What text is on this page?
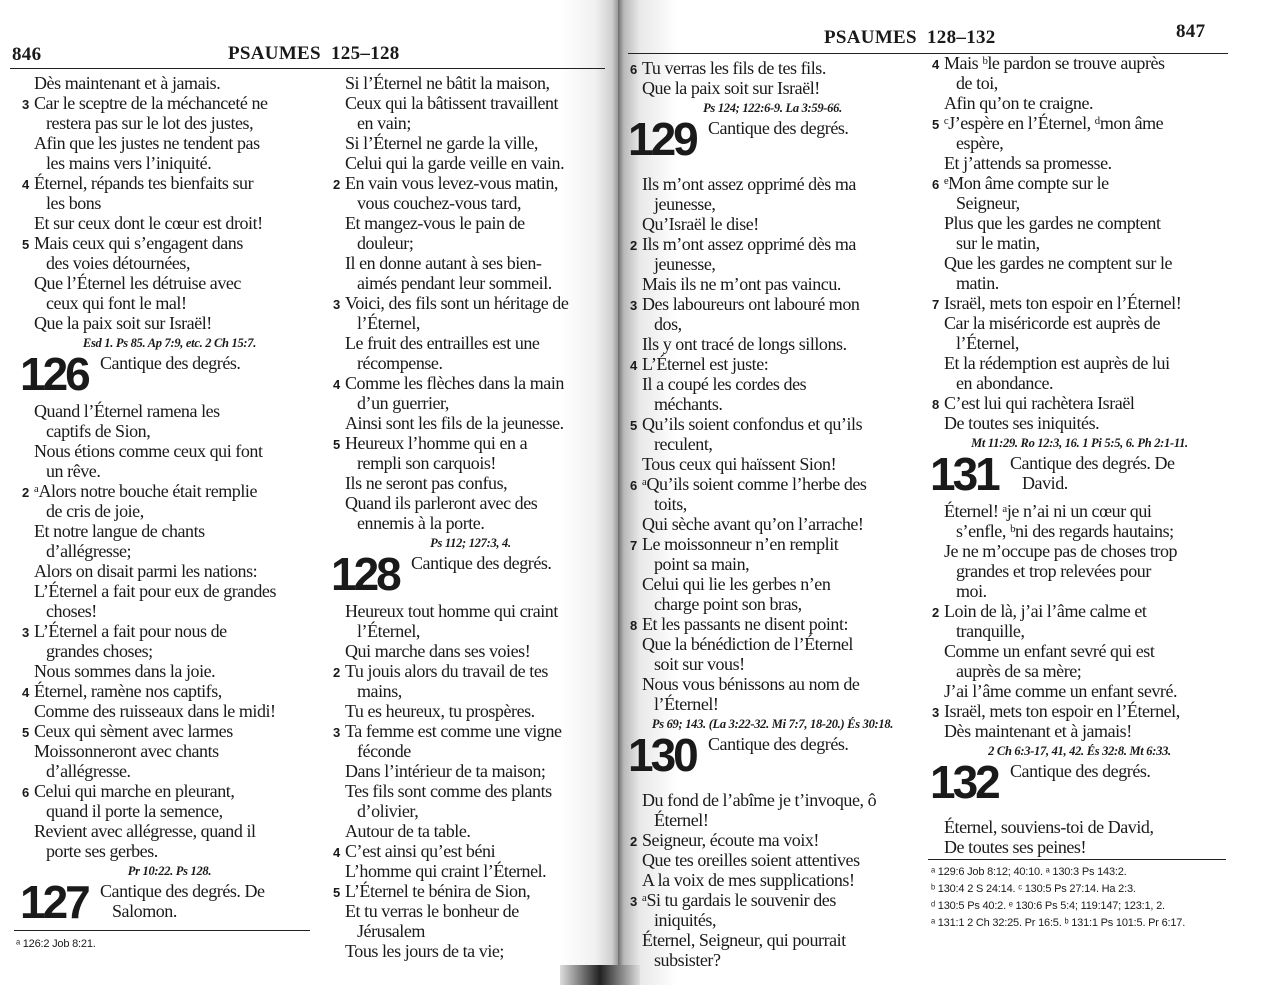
846	PSAUMES  125–128
Dès maintenant et à jamais.
3 Car le sceptre de la méchanceté ne
restera pas sur le lot des justes,
Afin que les justes ne tendent pas
les mains vers l’iniquité.
4 Éternel, répands tes bienfaits sur
les bons
Et sur ceux dont le cœur est droit!
5 Mais ceux qui s’engagent dans
des voies détournées,
Que l’Éternel les détruise avec
ceux qui font le mal!
Que la paix soit sur Israël!
Esd 1. Ps 85. Ap 7:9, etc. 2 Ch 15:7.
126 Cantique des degrés.
Quand l’Éternel ramena les
captifs de Sion,
Nous étions comme ceux qui font
un rêve.
2 ᵃAlors notre bouche était remplie
de cris de joie,
Et notre langue de chants
d’allégresse;
Alors on disait parmi les nations:
L’Éternel a fait pour eux de grandes
choses!
3 L’Éternel a fait pour nous de
grandes choses;
Nous sommes dans la joie.
4 Éternel, ramène nos captifs,
Comme des ruisseaux dans le midi!
5 Ceux qui sèment avec larmes
Moissonneront avec chants
d’allégresse.
6 Celui qui marche en pleurant,
quand il porte la semence,
Revient avec allégresse, quand il
porte ses gerbes.
Pr 10:22. Ps 128.
127 Cantique des degrés. De
Salomon.
Si l’Éternel ne bâtit la maison,
Ceux qui la bâtissent travaillent
en vain;
Si l’Éternel ne garde la ville,
Celui qui la garde veille en vain.
2 En vain vous levez-vous matin,
vous couchez-vous tard,
Et mangez-vous le pain de
douleur;
Il en donne autant à ses bien-
aimés pendant leur sommeil.
3 Voici, des fils sont un héritage de
l’Éternel,
Le fruit des entrailles est une
récompense.
4 Comme les flèches dans la main
d’un guerrier,
Ainsi sont les fils de la jeunesse.
5 Heureux l’homme qui en a
rempli son carquois!
Ils ne seront pas confus,
Quand ils parleront avec des
ennemis à la porte.
Ps 112; 127:3, 4.
128 Cantique des degrés.
Heureux tout homme qui craint
l’Éternel,
Qui marche dans ses voies!
2 Tu jouis alors du travail de tes
mains,
Tu es heureux, tu prospères.
3 Ta femme est comme une vigne
féconde
Dans l’intérieur de ta maison;
Tes fils sont comme des plants
d’olivier,
Autour de ta table.
4 C’est ainsi qu’est béni
L’homme qui craint l’Éternel.
5 L’Éternel te bénira de Sion,
Et tu verras le bonheur de
Jérusalem
Tous les jours de ta vie;
ᵃ 126:2 Job 8:21.
PSAUMES  128–132	847
6 Tu verras les fils de tes fils.
Que la paix soit sur Israël!
Ps 124; 122:6-9. La 3:59-66.
129 Cantique des degrés.
Ils m’ont assez opprimé dès ma
jeunesse,
Qu’Israël le dise!
2 Ils m’ont assez opprimé dès ma
jeunesse,
Mais ils ne m’ont pas vaincu.
3 Des laboureurs ont labouré mon
dos,
Ils y ont tracé de longs sillons.
4 L’Éternel est juste:
Il a coupé les cordes des
méchants.
5 Qu’ils soient confondus et qu’ils
reculent,
Tous ceux qui haïssent Sion!
6 ᵃQu’ils soient comme l’herbe des
toits,
Qui sèche avant qu’on l’arrache!
7 Le moissonneur n’en remplit
point sa main,
Celui qui lie les gerbes n’en
charge point son bras,
8 Et les passants ne disent point:
Que la bénédiction de l’Éternel
soit sur vous!
Nous vous bénissons au nom de
l’Éternel!
Ps 69; 143. (La 3:22-32. Mi 7:7, 18-20.) És 30:18.
130 Cantique des degrés.
Du fond de l’abîme je t’invoque, ô
Éternel!
2 Seigneur, écoute ma voix!
Que tes oreilles soient attentives
A la voix de mes supplications!
3 ᵃSi tu gardais le souvenir des
iniquités,
Éternel, Seigneur, qui pourrait
subsister?
4 Mais ᵇle pardon se trouve auprès
de toi,
Afin qu’on te craigne.
5 ᶜJ’espère en l’Éternel, ᵈmon âme
espère,
Et j’attends sa promesse.
6 ᵉMon âme compte sur le
Seigneur,
Plus que les gardes ne comptent
sur le matin,
Que les gardes ne comptent sur le
matin.
7 Israël, mets ton espoir en l’Éternel!
Car la miséricorde est auprès de
l’Éternel,
Et la rédemption est auprès de lui
en abondance.
8 C’est lui qui rachètera Israël
De toutes ses iniquités.
Mt 11:29. Ro 12:3, 16. 1 Pi 5:5, 6. Ph 2:1-11.
131 Cantique des degrés. De
David.
Éternel! ᵃje n’ai ni un cœur qui
s’enfle, ᵇni des regards hautains;
Je ne m’occupe pas de choses trop
grandes et trop relevées pour
moi.
2 Loin de là, j’ai l’âme calme et
tranquille,
Comme un enfant sevré qui est
auprès de sa mère;
J’ai l’âme comme un enfant sevré.
3 Israël, mets ton espoir en l’Éternel,
Dès maintenant et à jamais!
2 Ch 6:3-17, 41, 42. És 32:8. Mt 6:33.
132 Cantique des degrés.
Éternel, souviens-toi de David,
De toutes ses peines!
ᵃ 129:6 Job 8:12; 40:10. ᵃ 130:3 Ps 143:2.
ᵇ 130:4 2 S 24:14. ᶜ 130:5 Ps 27:14. Ha 2:3.
ᵈ 130:5 Ps 40:2. ᵉ 130:6 Ps 5:4; 119:147; 123:1, 2.
ᵃ 131:1 2 Ch 32:25. Pr 16:5. ᵇ 131:1 Ps 101:5. Pr 6:17.
